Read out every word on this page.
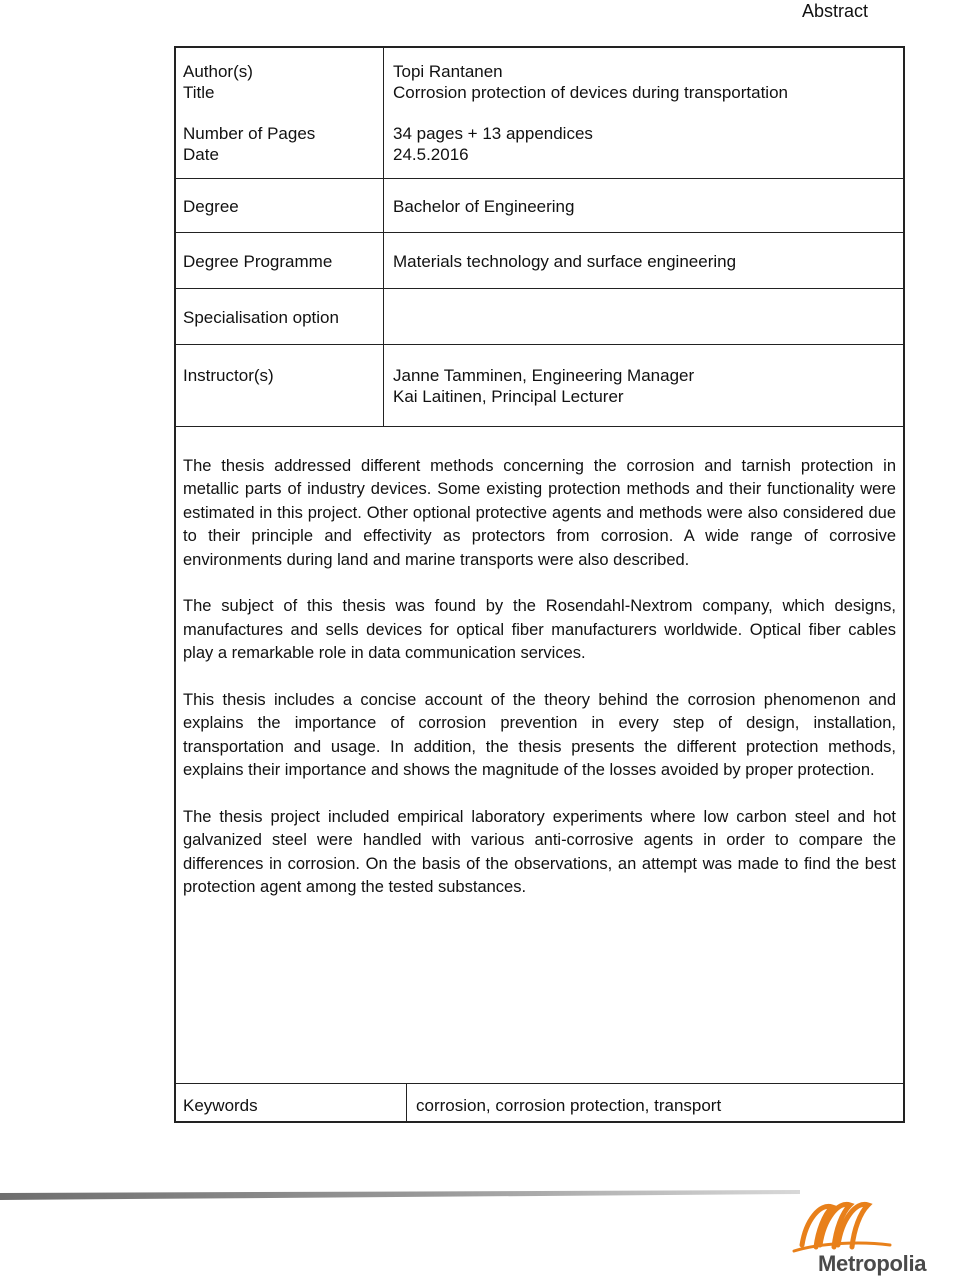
Abstract
Author(s)	Topi Rantanen
Title	Corrosion protection of devices during transportation
Number of Pages	34 pages + 13 appendices
Date	24.5.2016
Degree	Bachelor of Engineering
Degree Programme	Materials technology and surface engineering
Specialisation option
Instructor(s)	Janne Tamminen, Engineering Manager
Kai Laitinen, Principal Lecturer

The thesis addressed different methods concerning the corrosion and tarnish protection in metallic parts of industry devices. Some existing protection methods and their functionality were estimated in this project. Other optional protective agents and methods were also considered due to their principle and effectivity as protectors from corrosion. A wide range of corrosive environments during land and marine transports were also described.

The subject of this thesis was found by the Rosendahl-Nextrom company, which designs, manufactures and sells devices for optical fiber manufacturers worldwide. Optical fiber cables play a remarkable role in data communication services.

This thesis includes a concise account of the theory behind the corrosion phenomenon and explains the importance of corrosion prevention in every step of design, installation, transportation and usage. In addition, the thesis presents the different protection methods, explains their importance and shows the magnitude of the losses avoided by proper protection.

The thesis project included empirical laboratory experiments where low carbon steel and hot galvanized steel were handled with various anti-corrosive agents in order to compare the differences in corrosion. On the basis of the observations, an attempt was made to find the best protection agent among the tested substances.

Keywords	corrosion, corrosion protection, transport
Metropolia
